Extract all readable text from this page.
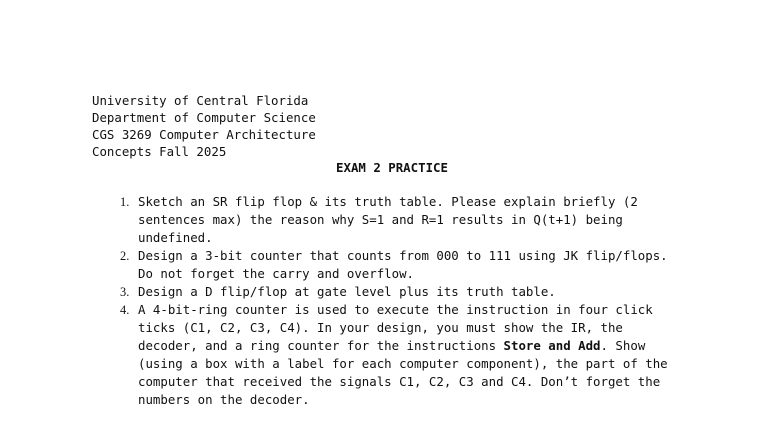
University of Central Florida
Department of Computer Science
CGS 3269 Computer Architecture
Concepts Fall 2025
EXAM 2 PRACTICE
1. Sketch an SR flip flop & its truth table. Please explain briefly (2
sentences max) the reason why S=1 and R=1 results in Q(t+1) being
undefined.
2. Design a 3-bit counter that counts from 000 to 111 using JK flip/flops.
Do not forget the carry and overflow.
3. Design a D flip/flop at gate level plus its truth table.
4. A 4-bit-ring counter is used to execute the instruction in four click
ticks (C1, C2, C3, C4). In your design, you must show the IR, the
decoder, and a ring counter for the instructions Store and Add. Show
(using a box with a label for each computer component), the part of the
computer that received the signals C1, C2, C3 and C4. Don’t forget the
numbers on the decoder.
